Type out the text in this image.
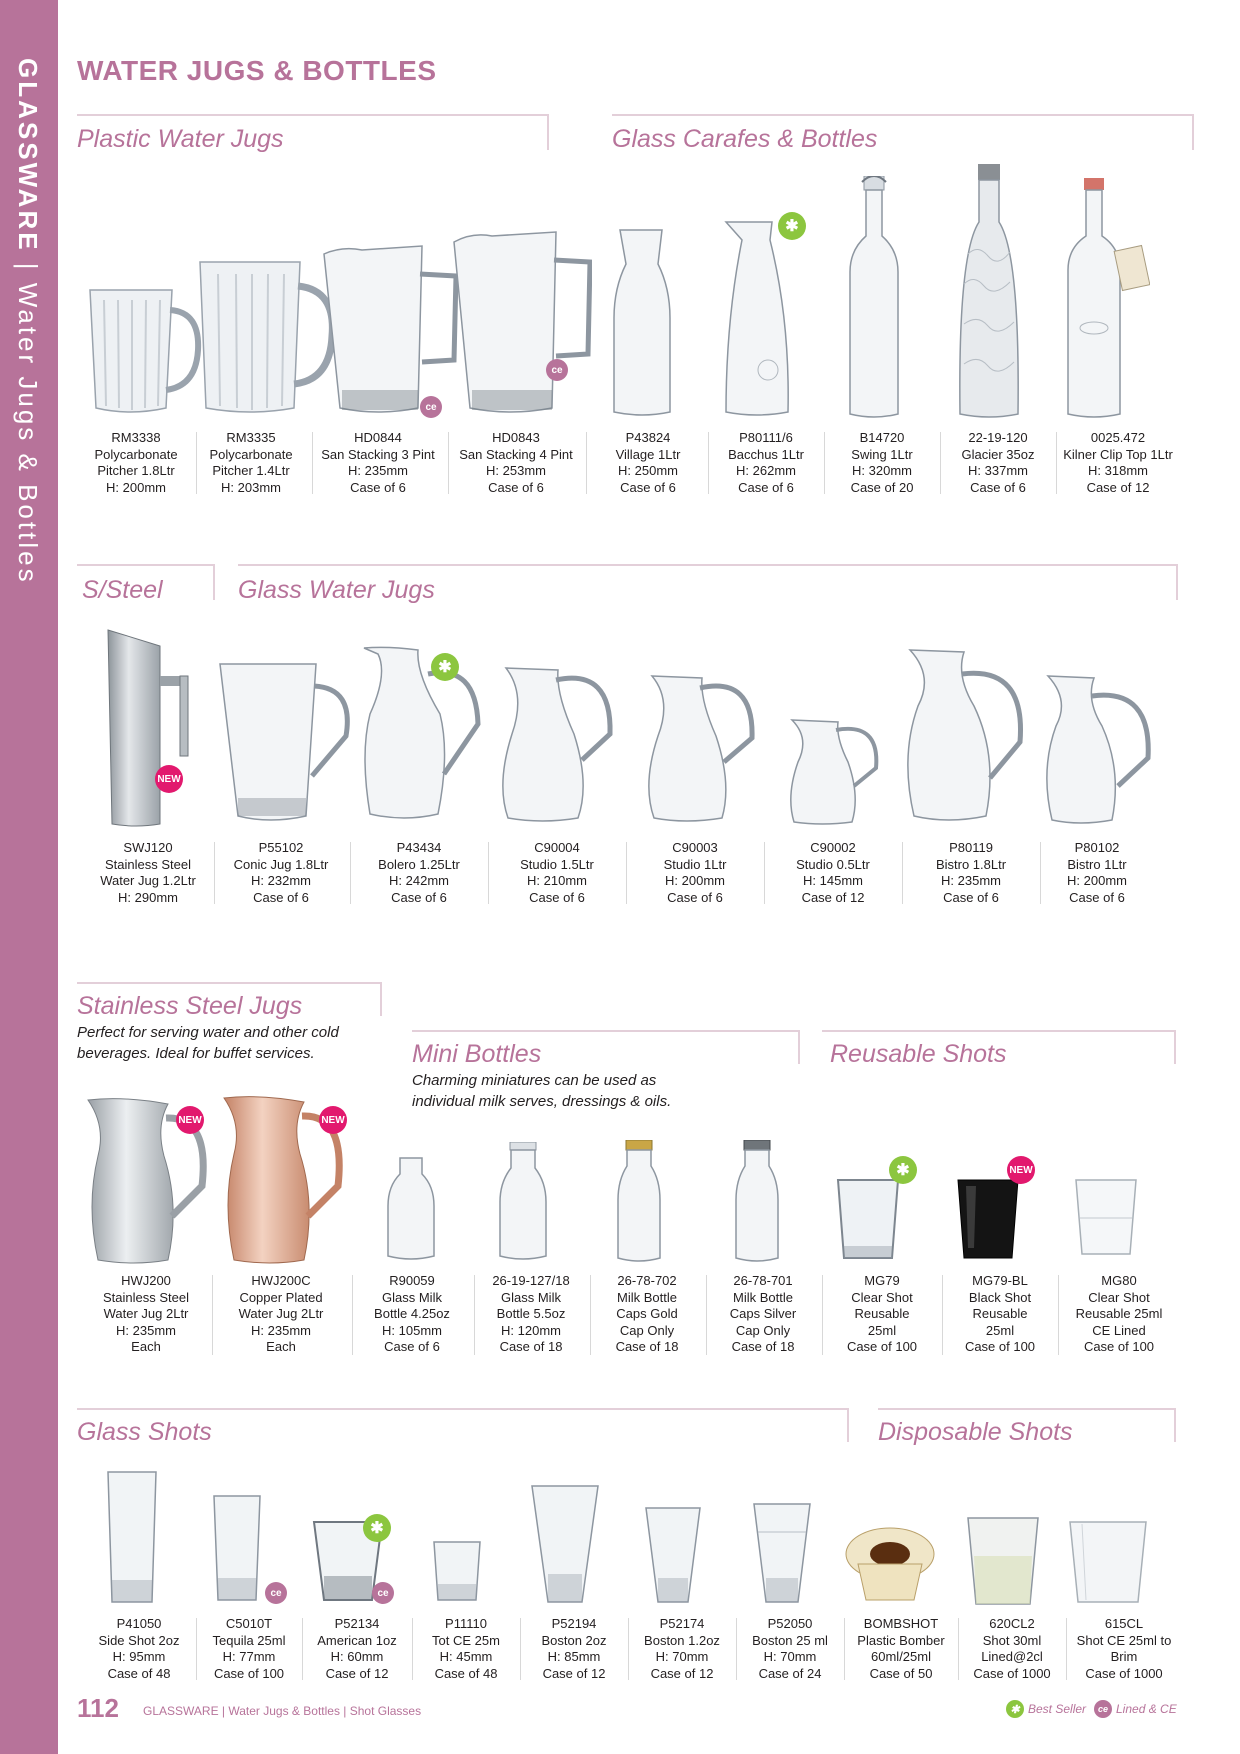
GLASSWARE | Water Jugs & Bottles
WATER JUGS & BOTTLES
Plastic Water Jugs	Glass Carafes & Bottles
S/Steel	Glass Water Jugs
Stainless Steel Jugs
Perfect for serving water and other cold beverages. Ideal for buffet services.	Mini Bottles
Charming miniatures can be used as individual milk serves, dressings & oils.
Reusable Shots
Glass Shots	Disposable Shots
ce
ce
✱
RM3338
Polycarbonate
Pitcher 1.8Ltr
H: 200mm
RM3335
Polycarbonate
Pitcher 1.4Ltr
H: 203mm
HD0844
San Stacking 3 Pint
H: 235mm
Case of 6
HD0843
San Stacking 4 Pint
H: 253mm
Case of 6
P43824
Village 1Ltr
H: 250mm
Case of 6
P80111/6
Bacchus 1Ltr
H: 262mm
Case of 6
B14720
Swing 1Ltr
H: 320mm
Case of 20
22-19-120
Glacier 35oz
H: 337mm
Case of 6
0025.472
Kilner Clip Top 1Ltr
H: 318mm
Case of 12
NEW
✱
SWJ120
Stainless Steel
Water Jug 1.2Ltr
H: 290mm
P55102
Conic Jug 1.8Ltr
H: 232mm
Case of 6
P43434
Bolero 1.25Ltr
H: 242mm
Case of 6
C90004
Studio 1.5Ltr
H: 210mm
Case of 6
C90003
Studio 1Ltr
H: 200mm
Case of 6
C90002
Studio 0.5Ltr
H: 145mm
Case of 12
P80119
Bistro 1.8Ltr
H: 235mm
Case of 6
P80102
Bistro 1Ltr
H: 200mm
Case of 6
NEW	NEW
✱	NEW
HWJ200
Stainless Steel
Water Jug 2Ltr
H: 235mm
Each
HWJ200C
Copper Plated
Water Jug 2Ltr
H: 235mm
Each
R90059
Glass Milk
Bottle 4.25oz
H: 105mm
Case of 6
26-19-127/18
Glass Milk
Bottle 5.5oz
H: 120mm
Case of 18
26-78-702
Milk Bottle
Caps Gold
Cap Only
Case of 18
26-78-701
Milk Bottle
Caps Silver
Cap Only
Case of 18
MG79
Clear Shot
Reusable
25ml
Case of 100
MG79-BL
Black Shot
Reusable
25ml
Case of 100
MG80
Clear Shot
Reusable 25ml
CE Lined
Case of 100
ce
✱
ce
P41050
Side Shot 2oz
H: 95mm
Case of 48
C5010T
Tequila 25ml
H: 77mm
Case of 100
P52134
American 1oz
H: 60mm
Case of 12
P11110
Tot CE 25m
H: 45mm
Case of 48
P52194
Boston 2oz
H: 85mm
Case of 12
P52174
Boston 1.2oz
H: 70mm
Case of 12
P52050
Boston 25 ml
H: 70mm
Case of 24
BOMBSHOT
Plastic Bomber
60ml/25ml
Case of 50
620CL2
Shot 30ml
Lined@2cl
Case of 1000
615CL
Shot CE 25ml to
Brim
Case of 1000
112 GLASSWARE | Water Jugs & Bottles | Shot Glasses	✱ Best Seller	ce Lined & CE
